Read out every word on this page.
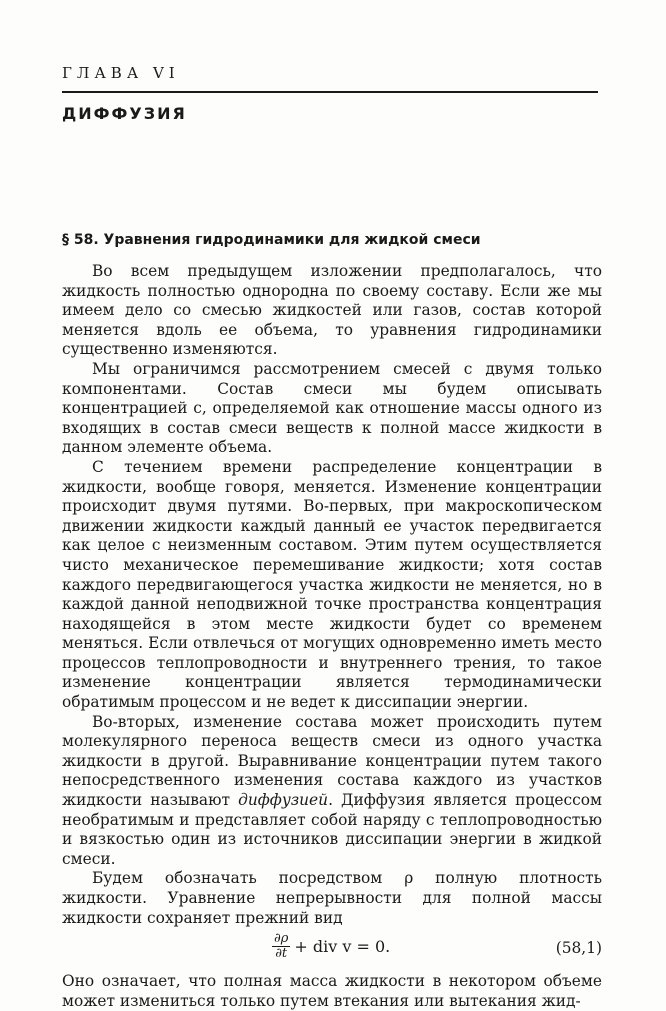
ГЛАВА VI
ДИФФУЗИЯ
§ 58. Уравнения гидродинамики для жидкой смеси

Во всем предыдущем изложении предполагалось, что жидкость полностью однородна по своему составу. Если же мы имеем дело со смесью жидкостей или газов, состав которой меняется вдоль ее объема, то уравнения гидродинамики существенно изменяются.

Мы ограничимся рассмотрением смесей с двумя только компонентами. Состав смеси мы будем описывать концентрацией c, определяемой как отношение массы одного из входящих в состав смеси веществ к полной массе жидкости в данном элементе объема.

С течением времени распределение концентрации в жидкости, вообще говоря, меняется. Изменение концентрации происходит двумя путями. Во-первых, при макроскопическом движении жидкости каждый данный ее участок передвигается как целое с неизменным составом. Этим путем осуществляется чисто механическое перемешивание жидкости; хотя состав каждого передвигающегося участка жидкости не меняется, но в каждой данной неподвижной точке пространства концентрация находящейся в этом месте жидкости будет со временем меняться. Если отвлечься от могущих одновременно иметь место процессов теплопроводности и внутреннего трения, то такое изменение концентрации является термодинамически обратимым процессом и не ведет к диссипации энергии.

Во-вторых, изменение состава может происходить путем молекулярного переноса веществ смеси из одного участка жидкости в другой. Выравнивание концентрации путем такого непосредственного изменения состава каждого из участков жидкости называют диффузией. Диффузия является процессом необратимым и представляет собой наряду с теплопроводностью и вязкостью один из источников диссипации энергии в жидкой смеси.

Будем обозначать посредством ρ полную плотность жидкости. Уравнение непрерывности для полной массы жидкости сохраняет прежний вид

$\frac{\partial\rho}{\partial t}$ + div v = 0.	(58,1)

Оно означает, что полная масса жидкости в некотором объеме может измениться только путем втекания или вытекания жид-
